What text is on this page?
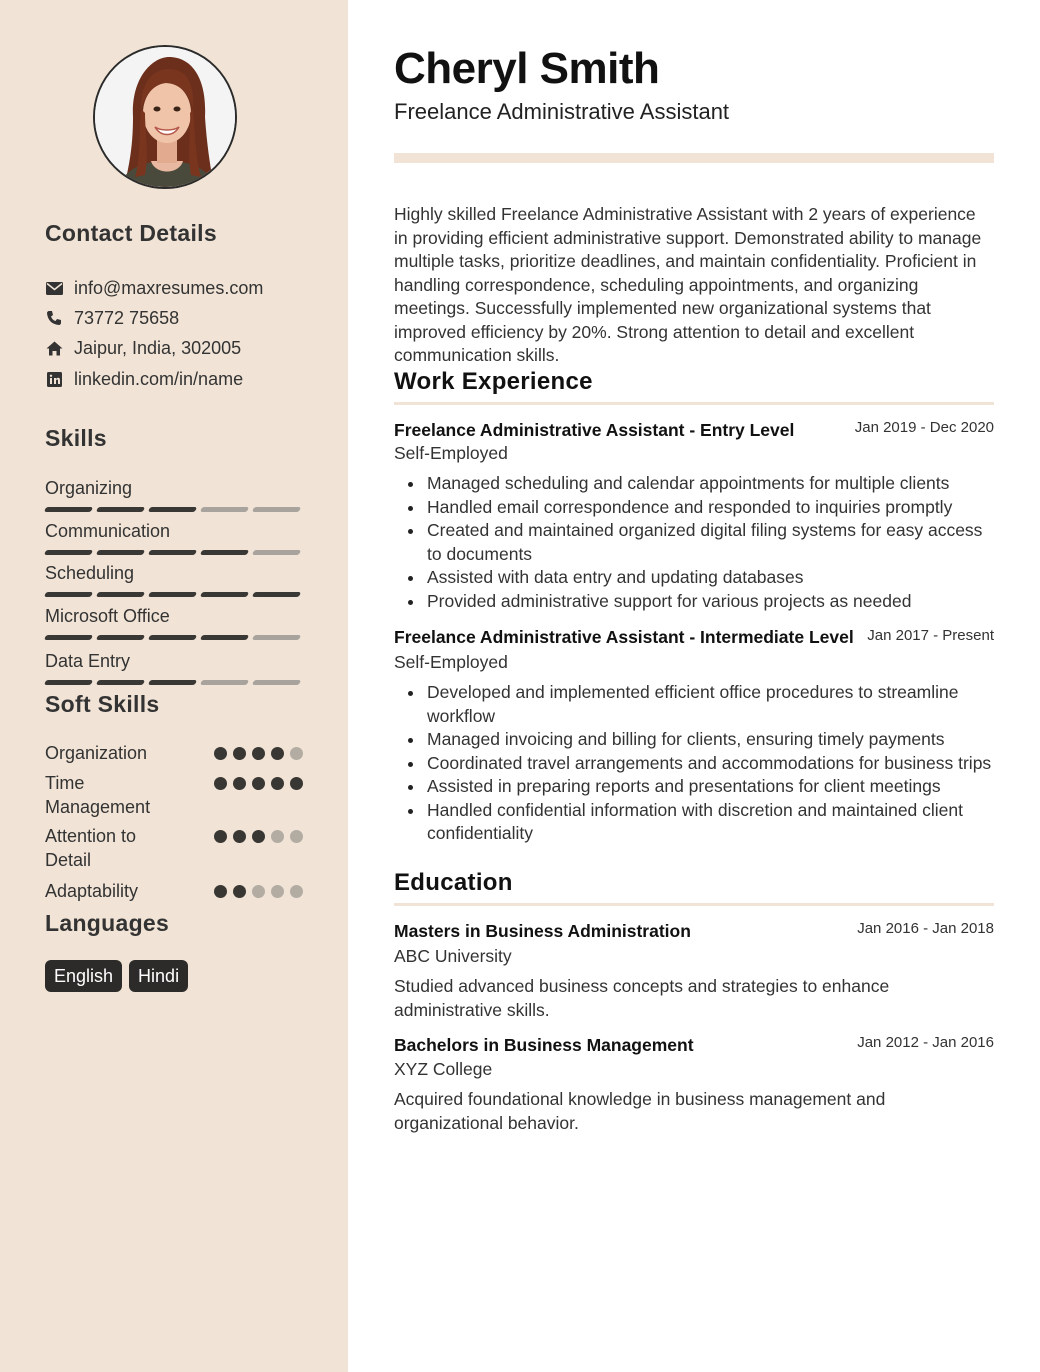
Contact Details
info@maxresumes.com
73772 75658
Jaipur, India, 302005
linkedin.com/in/name
Skills
Organizing
Communication
Scheduling
Microsoft Office
Data Entry
Soft Skills
Organization
Time Management
Attention to Detail
Adaptability
Languages
English	Hindi
Cheryl Smith
Freelance Administrative Assistant
Highly skilled Freelance Administrative Assistant with 2 years of experience in providing efficient administrative support. Demonstrated ability to manage multiple tasks, prioritize deadlines, and maintain confidentiality. Proficient in handling correspondence, scheduling appointments, and organizing meetings. Successfully implemented new organizational systems that improved efficiency by 20%. Strong attention to detail and excellent communication skills.
Work Experience
Freelance Administrative Assistant - Entry Level	Jan 2019 - Dec 2020
Self-Employed
Managed scheduling and calendar appointments for multiple clients
Handled email correspondence and responded to inquiries promptly
Created and maintained organized digital filing systems for easy access to documents
Assisted with data entry and updating databases
Provided administrative support for various projects as needed
Freelance Administrative Assistant - Intermediate Level Jan 2017 - Present
Self-Employed
Developed and implemented efficient office procedures to streamline workflow
Managed invoicing and billing for clients, ensuring timely payments
Coordinated travel arrangements and accommodations for business trips
Assisted in preparing reports and presentations for client meetings
Handled confidential information with discretion and maintained client confidentiality
Education
Masters in Business Administration	Jan 2016 - Jan 2018
ABC University
Studied advanced business concepts and strategies to enhance administrative skills.
Bachelors in Business Management	Jan 2012 - Jan 2016
XYZ College
Acquired foundational knowledge in business management and organizational behavior.
